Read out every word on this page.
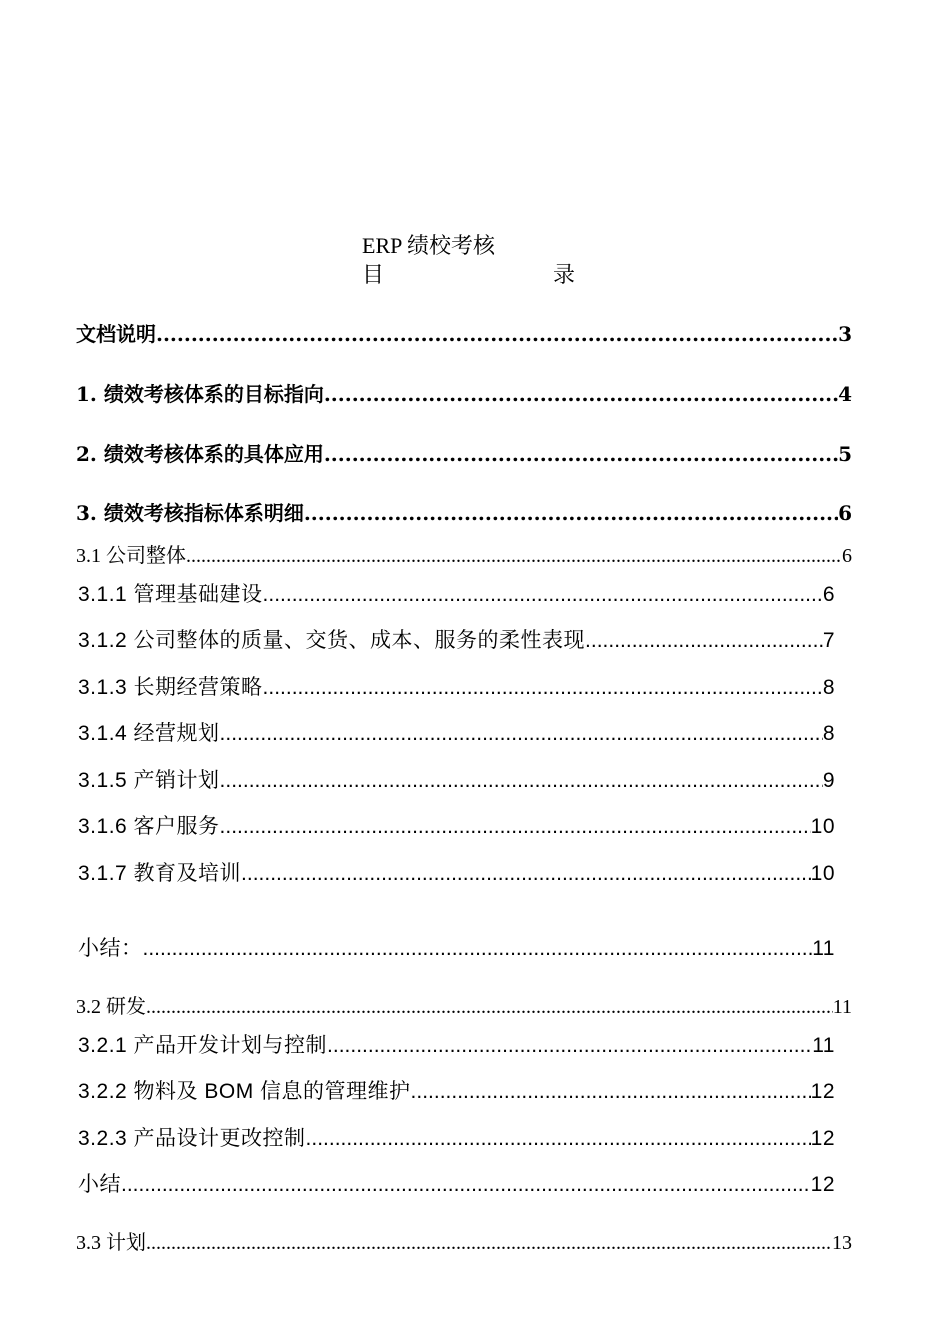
ERP 绩校考核
目	录
文档说明 .....	3
1. 绩效考核体系的目标指向 .....	4
2. 绩效考核体系的具体应用 .....	5
3. 绩效考核指标体系明细 .....	6
3.1 公司整体 .....	6
3.1.1 管理基础建设 .....	6
3.1.2 公司整体的质量、交货、成本、服务的柔性表现 .....	7
3.1.3 长期经营策略 .....	8
3.1.4 经营规划 .....	8
3.1.5 产销计划 .....	9
3.1.6 客户服务 .....	10
3.1.7 教育及培训 .....	10
小结： .....	11
3.2 研发 .....	11
3.2.1 产品开发计划与控制 .....	11
3.2.2 物料及 BOM 信息的管理维护 .....	12
3.2.3 产品设计更改控制 .....	12
小结 .....	12
3.3 计划 .....	13
